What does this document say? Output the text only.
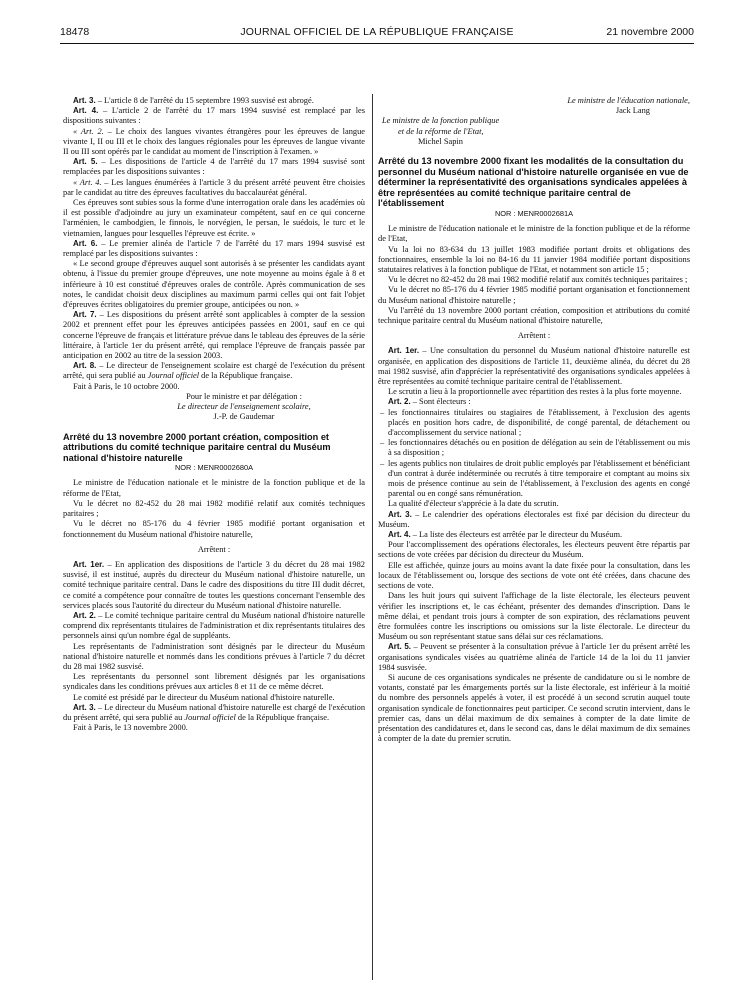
18478	JOURNAL OFFICIEL DE LA RÉPUBLIQUE FRANÇAISE	21 novembre 2000

Art. 3. – L'article 8 de l'arrêté du 15 septembre 1993 susvisé est abrogé.

Art. 4. – L'article 2 de l'arrêté du 17 mars 1994 susvisé est remplacé par les dispositions suivantes :

« Art. 2. – Le choix des langues vivantes étrangères pour les épreuves de langue vivante I, II ou III et le choix des langues régionales pour les épreuves de langue vivante II ou III sont opérés par le candidat au moment de l'inscription à l'examen. »

Art. 5. – Les dispositions de l'article 4 de l'arrêté du 17 mars 1994 susvisé sont remplacées par les dispositions suivantes :

« Art. 4. – Les langues énumérées à l'article 3 du présent arrêté peuvent être choisies par le candidat au titre des épreuves facultatives du baccalauréat général.

Ces épreuves sont subies sous la forme d'une interrogation orale dans les académies où il est possible d'adjoindre au jury un examinateur compétent, sauf en ce qui concerne l'arménien, le cambodgien, le finnois, le norvégien, le persan, le suédois, le turc et le vietnamien, langues pour lesquelles l'épreuve est écrite. »

Art. 6. – Le premier alinéa de l'article 7 de l'arrêté du 17 mars 1994 susvisé est remplacé par les dispositions suivantes :

« Le second groupe d'épreuves auquel sont autorisés à se présenter les candidats ayant obtenu, à l'issue du premier groupe d'épreuves, une note moyenne au moins égale à 8 et inférieure à 10 est constitué d'épreuves orales de contrôle. Après communication de ses notes, le candidat choisit deux disciplines au maximum parmi celles qui ont fait l'objet d'épreuves écrites obligatoires du premier groupe, anticipées ou non. »

Art. 7. – Les dispositions du présent arrêté sont applicables à compter de la session 2002 et prennent effet pour les épreuves anticipées passées en 2001, sauf en ce qui concerne l'épreuve de français et littérature prévue dans le tableau des épreuves de la série littéraire, à l'article 1er du présent arrêté, qui remplace l'épreuve de français passée par anticipation en 2002 au titre de la session 2003.

Art. 8. – Le directeur de l'enseignement scolaire est chargé de l'exécution du présent arrêté, qui sera publié au Journal officiel de la République française.

Fait à Paris, le 10 octobre 2000.

Pour le ministre et par délégation :

Le directeur de l'enseignement scolaire,

J.-P. de Gaudemar

Arrêté du 13 novembre 2000 portant création, composition et attributions du comité technique paritaire central du Muséum national d'histoire naturelle

NOR : MENR0002680A

Le ministre de l'éducation nationale et le ministre de la fonction publique et de la réforme de l'Etat,

Vu le décret no 82-452 du 28 mai 1982 modifié relatif aux comités techniques paritaires ;

Vu le décret no 85-176 du 4 février 1985 modifié portant organisation et fonctionnement du Muséum national d'histoire naturelle,

Arrêtent :

Art. 1er. – En application des dispositions de l'article 3 du décret du 28 mai 1982 susvisé, il est institué, auprès du directeur du Muséum national d'histoire naturelle, un comité technique paritaire central. Dans le cadre des dispositions du titre III dudit décret, ce comité a compétence pour connaître de toutes les questions concernant l'ensemble des services placés sous l'autorité du directeur du Muséum national d'histoire naturelle.

Art. 2. – Le comité technique paritaire central du Muséum national d'histoire naturelle comprend dix représentants titulaires de l'administration et dix représentants titulaires des personnels ainsi qu'un nombre égal de suppléants.

Les représentants de l'administration sont désignés par le directeur du Muséum national d'histoire naturelle et nommés dans les conditions prévues à l'article 7 du décret du 28 mai 1982 susvisé.

Les représentants du personnel sont librement désignés par les organisations syndicales dans les conditions prévues aux articles 8 et 11 de ce même décret.

Le comité est présidé par le directeur du Muséum national d'histoire naturelle.

Art. 3. – Le directeur du Muséum national d'histoire naturelle est chargé de l'exécution du présent arrêté, qui sera publié au Journal officiel de la République française.

Fait à Paris, le 13 novembre 2000.

Le ministre de l'éducation nationale,

Jack Lang

Le ministre de la fonction publique

et de la réforme de l'Etat,

Michel Sapin

Arrêté du 13 novembre 2000 fixant les modalités de la consultation du personnel du Muséum national d'histoire naturelle organisée en vue de déterminer la représentativité des organisations syndicales appelées à être représentées au comité technique paritaire central de l'établissement

NOR : MENR0002681A

Le ministre de l'éducation nationale et le ministre de la fonction publique et de la réforme de l'Etat,

Vu la loi no 83-634 du 13 juillet 1983 modifiée portant droits et obligations des fonctionnaires, ensemble la loi no 84-16 du 11 janvier 1984 modifiée portant dispositions statutaires relatives à la fonction publique de l'Etat, et notamment son article 15 ;

Vu le décret no 82-452 du 28 mai 1982 modifié relatif aux comités techniques paritaires ;

Vu le décret no 85-176 du 4 février 1985 modifié portant organisation et fonctionnement du Muséum national d'histoire naturelle ;

Vu l'arrêté du 13 novembre 2000 portant création, composition et attributions du comité technique paritaire central du Muséum national d'histoire naturelle,

Arrêtent :

Art. 1er. – Une consultation du personnel du Muséum national d'histoire naturelle est organisée, en application des dispositions de l'article 11, deuxième alinéa, du décret du 28 mai 1982 susvisé, afin d'apprécier la représentativité des organisations syndicales appelées à être représentées au comité technique paritaire central de l'établissement.

Le scrutin a lieu à la proportionnelle avec répartition des restes à la plus forte moyenne.

Art. 2. – Sont électeurs :

– les fonctionnaires titulaires ou stagiaires de l'établissement, à l'exclusion des agents placés en position hors cadre, de disponibilité, de congé parental, de détachement ou d'accomplissement du service national ;
– les fonctionnaires détachés ou en position de délégation au sein de l'établissement ou mis à sa disposition ;
– les agents publics non titulaires de droit public employés par l'établissement et bénéficiant d'un contrat à durée indéterminée ou recrutés à titre temporaire et comptant au moins six mois de présence continue au sein de l'établissement, à l'exclusion des agents en congé parental ou en congé sans rémunération.

La qualité d'électeur s'apprécie à la date du scrutin.

Art. 3. – Le calendrier des opérations électorales est fixé par décision du directeur du Muséum.

Art. 4. – La liste des électeurs est arrêtée par le directeur du Muséum.

Pour l'accomplissement des opérations électorales, les électeurs peuvent être répartis par sections de vote créées par décision du directeur du Muséum.

Elle est affichée, quinze jours au moins avant la date fixée pour la consultation, dans les locaux de l'établissement ou, lorsque des sections de vote ont été créées, dans chacune des sections de vote.

Dans les huit jours qui suivent l'affichage de la liste électorale, les électeurs peuvent vérifier les inscriptions et, le cas échéant, présenter des demandes d'inscription. Dans le même délai, et pendant trois jours à compter de son expiration, des réclamations peuvent être formulées contre les inscriptions ou omissions sur la liste électorale. Le directeur du Muséum ou son représentant statue sans délai sur ces réclamations.

Art. 5. – Peuvent se présenter à la consultation prévue à l'article 1er du présent arrêté les organisations syndicales visées au quatrième alinéa de l'article 14 de la loi du 11 janvier 1984 susvisée.

Si aucune de ces organisations syndicales ne présente de candidature ou si le nombre de votants, constaté par les émargements portés sur la liste électorale, est inférieur à la moitié du nombre des personnels appelés à voter, il est procédé à un second scrutin auquel toute organisation syndicale de fonctionnaires peut participer. Ce second scrutin intervient, dans le premier cas, dans un délai maximum de dix semaines à compter de la date limite de présentation des candidatures et, dans le second cas, dans le délai maximum de dix semaines à compter de la date du premier scrutin.
